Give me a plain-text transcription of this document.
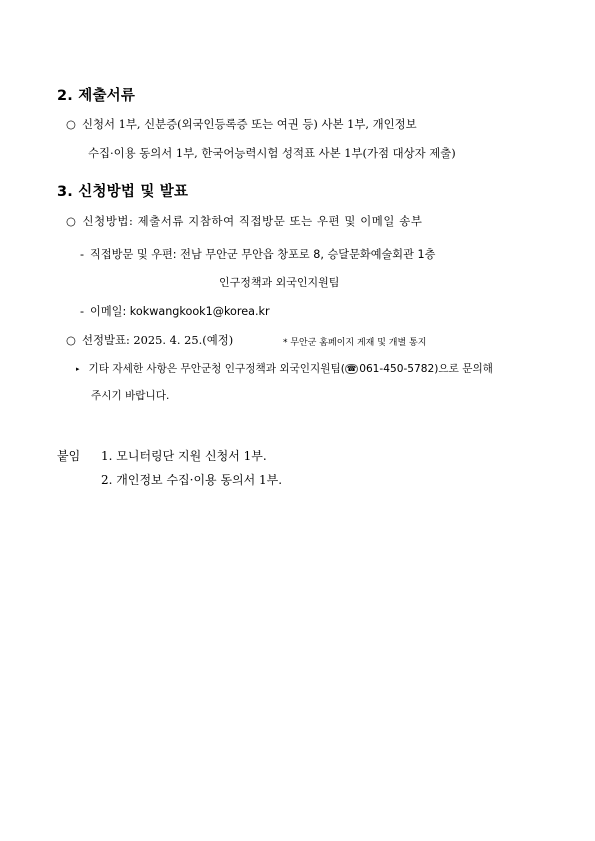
2. 제출서류
○ 신청서 1부, 신분증(외국인등록증 또는 여권 등) 사본 1부, 개인정보
수집·이용 동의서 1부, 한국어능력시험 성적표 사본 1부(가점 대상자 제출)
3. 신청방법 및 발표
○ 신청방법: 제출서류 지참하여 직접방문 또는 우편 및 이메일 송부
- 직접방문 및 우편: 전남 무안군 무안읍 창포로 8, 승달문화예술회관 1층
인구정책과 외국인지원팀
- 이메일: kokwangkook1@korea.kr
○ 선정발표: 2025. 4. 25.(예정)	* 무안군 홈페이지 게재 및 개별 통지
▸ 기타 자세한 사항은 무안군청 인구정책과 외국인지원팀( ☎ 061-450-5782)으로 문의해
주시기 바랍니다.
붙임 1. 모니터링단 지원 신청서 1부.
2. 개인정보 수집·이용 동의서 1부.
